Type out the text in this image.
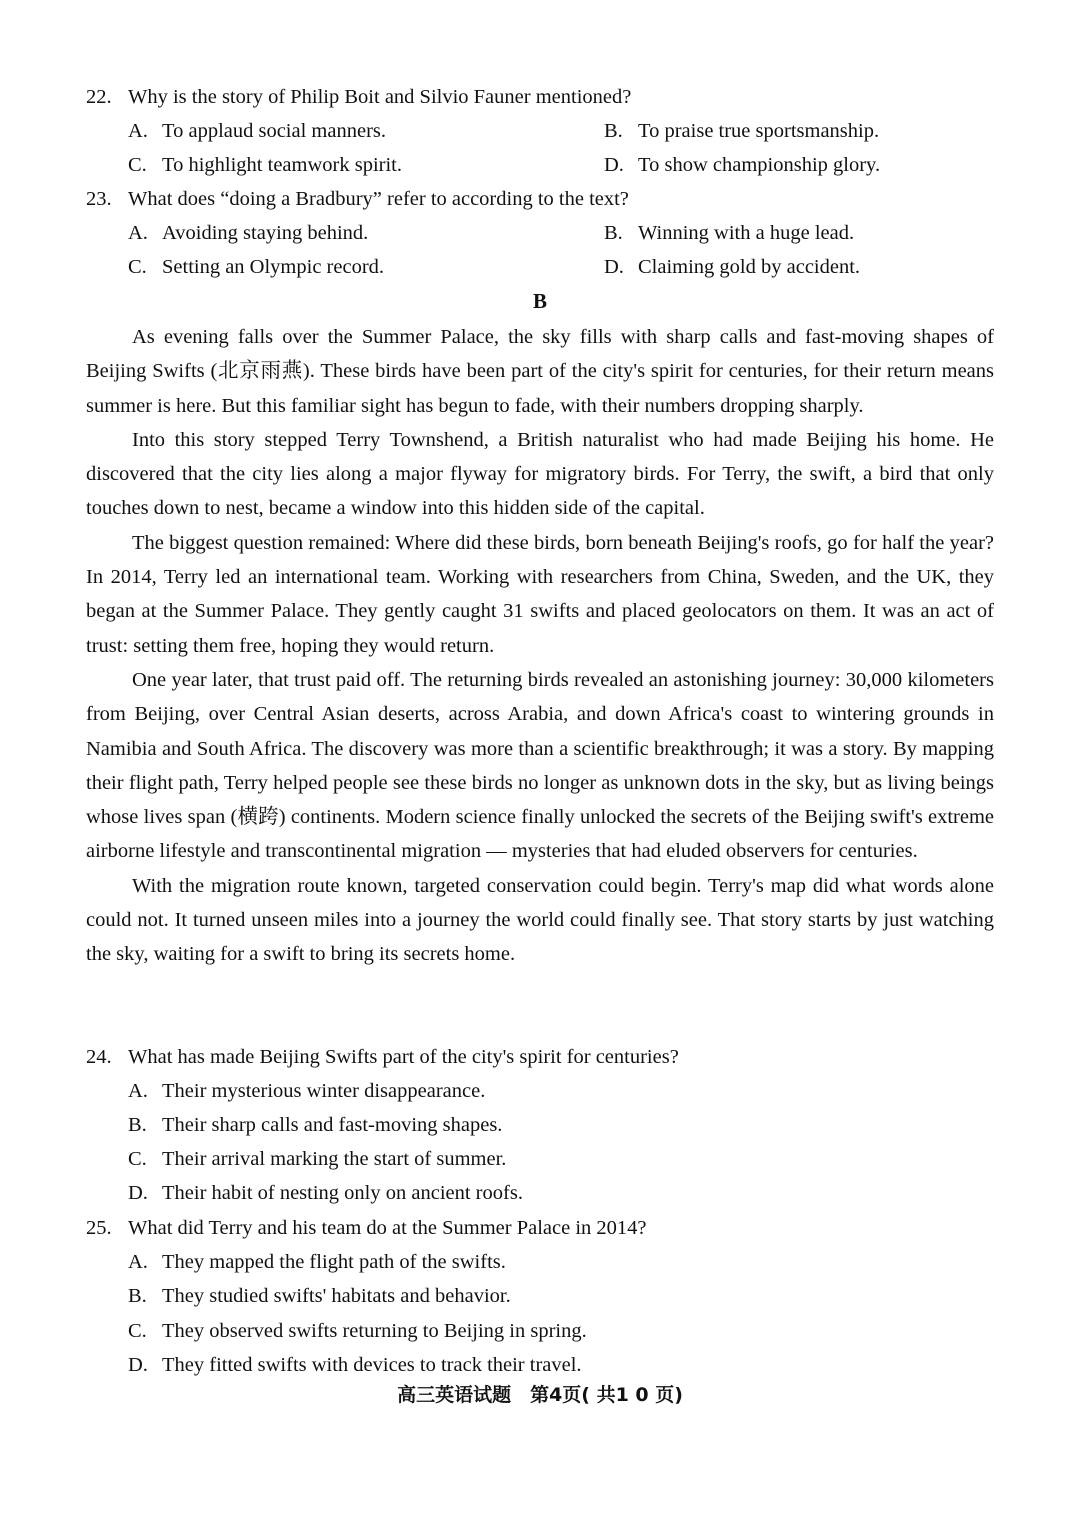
22. Why is the story of Philip Boit and Silvio Fauner mentioned?
A. To applaud social manners.	B. To praise true sportsmanship.
C. To highlight teamwork spirit.	D. To show championship glory.
23. What does “doing a Bradbury” refer to according to the text?
A. Avoiding staying behind.	B. Winning with a huge lead.
C. Setting an Olympic record.	D. Claiming gold by accident.
B

As evening falls over the Summer Palace, the sky fills with sharp calls and fast-moving shapes of Beijing Swifts (北京雨燕). These birds have been part of the city's spirit for centuries, for their return means summer is here. But this familiar sight has begun to fade, with their numbers dropping sharply.

Into this story stepped Terry Townshend, a British naturalist who had made Beijing his home. He discovered that the city lies along a major flyway for migratory birds. For Terry, the swift, a bird that only touches down to nest, became a window into this hidden side of the capital.

The biggest question remained: Where did these birds, born beneath Beijing's roofs, go for half the year? In 2014, Terry led an international team. Working with researchers from China, Sweden, and the UK, they began at the Summer Palace. They gently caught 31 swifts and placed geolocators on them. It was an act of trust: setting them free, hoping they would return.

One year later, that trust paid off. The returning birds revealed an astonishing journey: 30,000 kilometers from Beijing, over Central Asian deserts, across Arabia, and down Africa's coast to wintering grounds in Namibia and South Africa. The discovery was more than a scientific breakthrough; it was a story. By mapping their flight path, Terry helped people see these birds no longer as unknown dots in the sky, but as living beings whose lives span (横跨) continents. Modern science finally unlocked the secrets of the Beijing swift's extreme airborne lifestyle and transcontinental migration — mysteries that had eluded observers for centuries.

With the migration route known, targeted conservation could begin. Terry's map did what words alone could not. It turned unseen miles into a journey the world could finally see. That story starts by just watching the sky, waiting for a swift to bring its secrets home.

24. What has made Beijing Swifts part of the city's spirit for centuries?
A. Their mysterious winter disappearance.
B. Their sharp calls and fast-moving shapes.
C. Their arrival marking the start of summer.
D. Their habit of nesting only on ancient roofs.
25. What did Terry and his team do at the Summer Palace in 2014?
A. They mapped the flight path of the swifts.
B. They studied swifts' habitats and behavior.
C. They observed swifts returning to Beijing in spring.
D. They fitted swifts with devices to track their travel.
高三英语试题　第4页( 共1 0 页)
